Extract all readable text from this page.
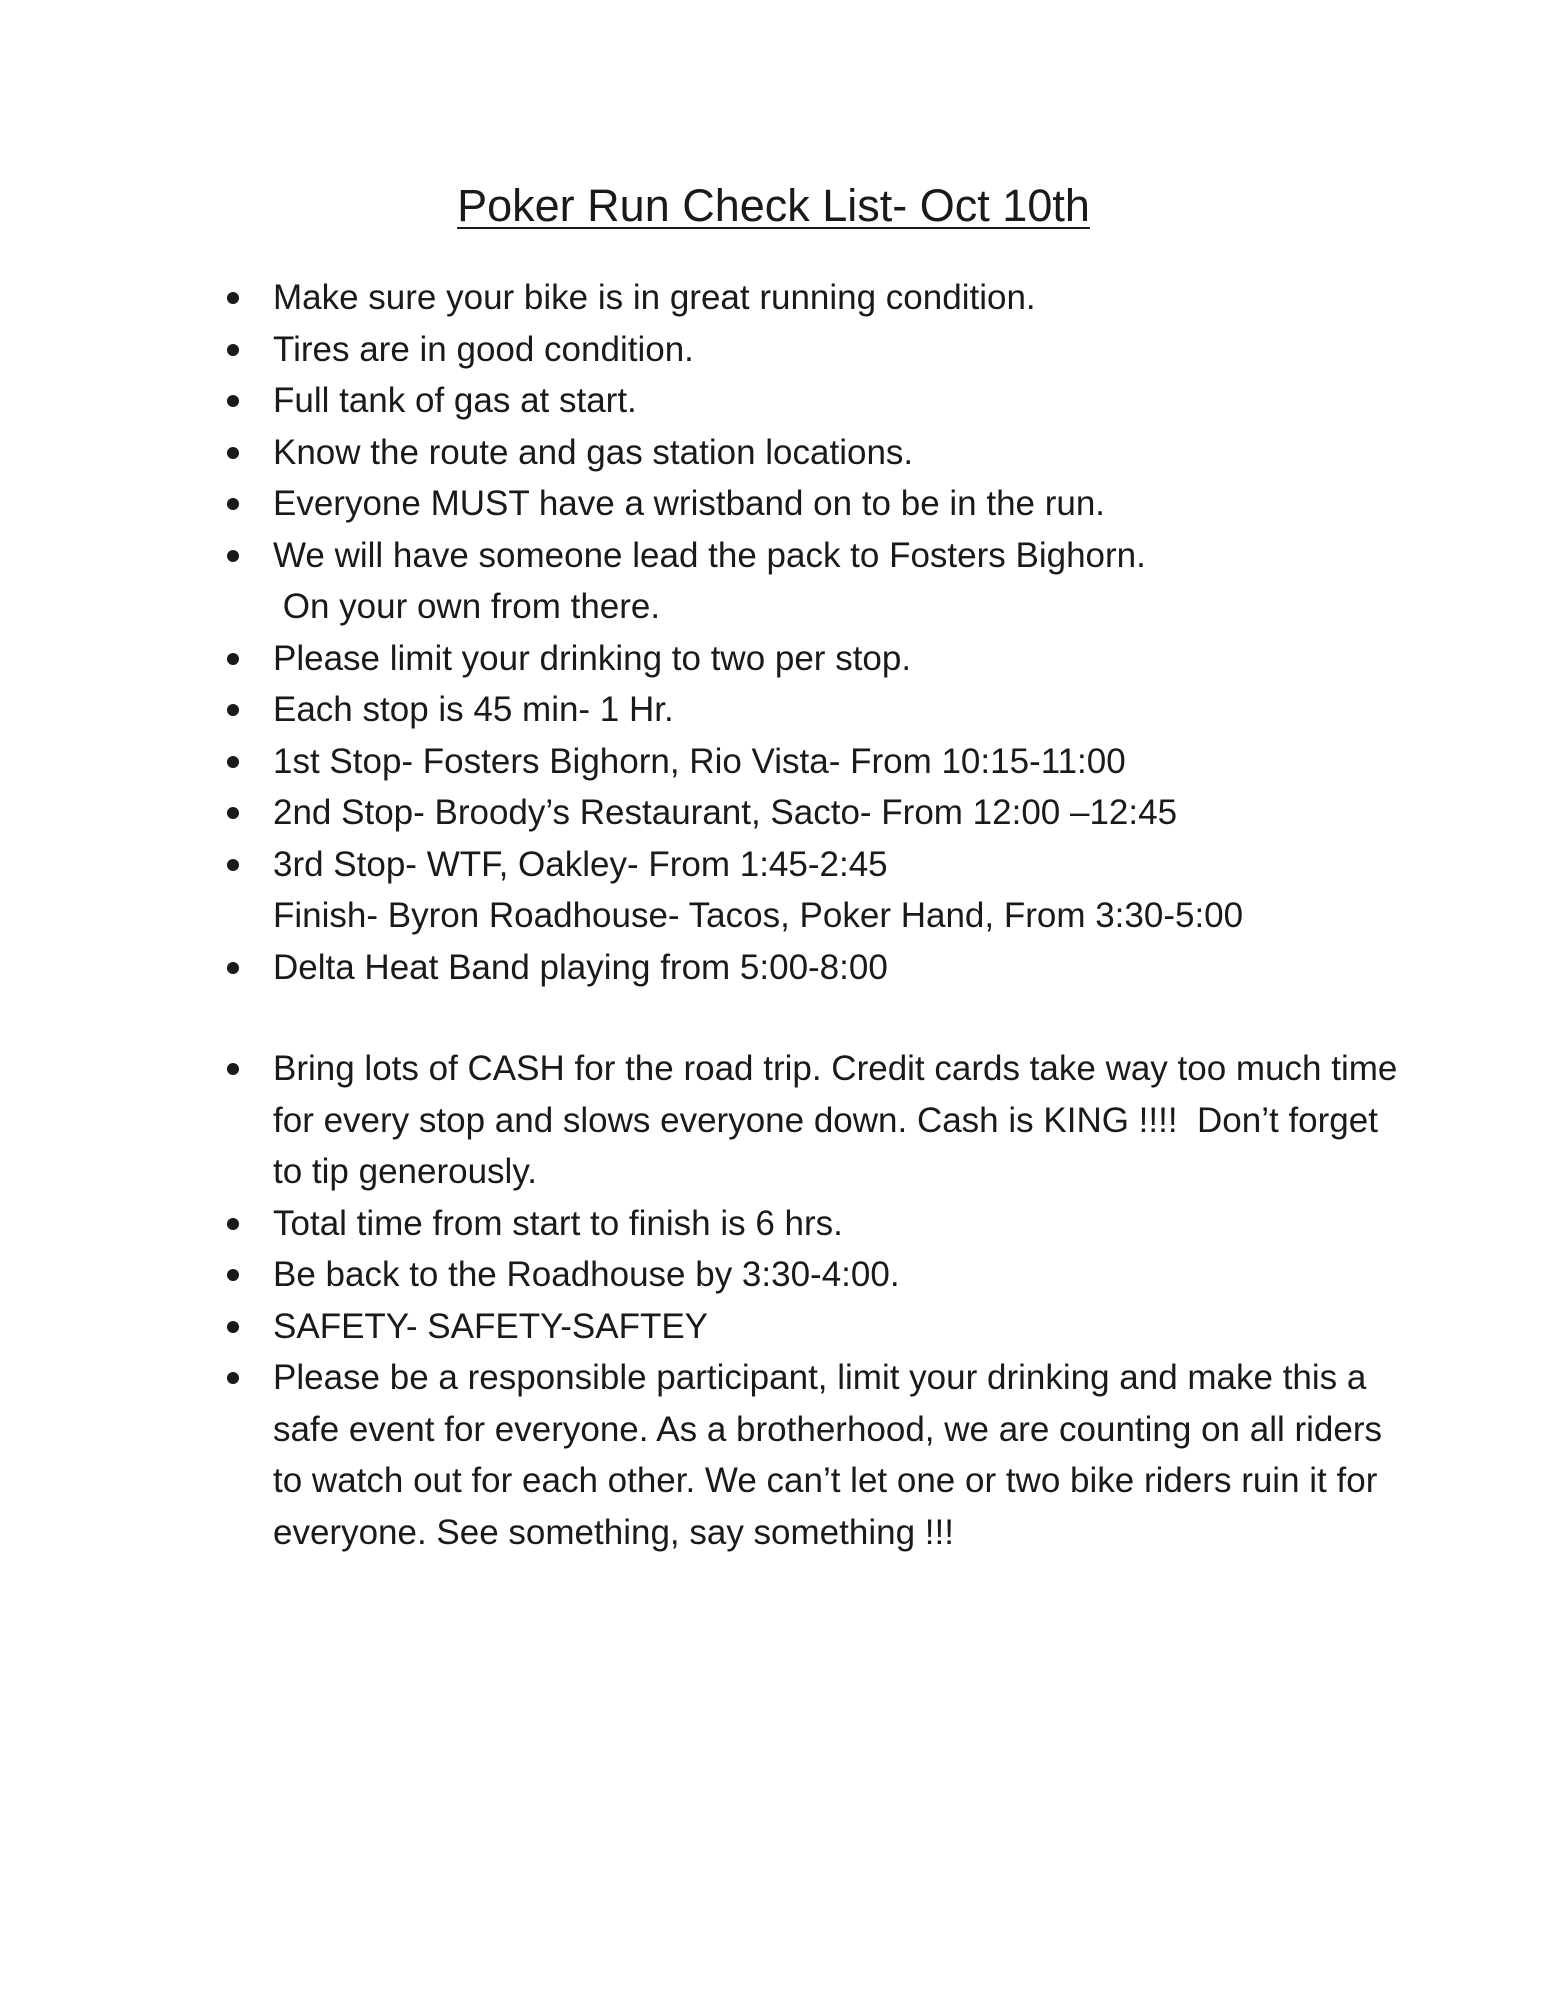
Poker Run Check List- Oct 10th
Make sure your bike is in great running condition.
Tires are in good condition.
Full tank of gas at start.
Know the route and gas station locations.
Everyone MUST have a wristband on to be in the run.
We will have someone lead the pack to Fosters Bighorn.
On your own from there.
Please limit your drinking to two per stop.
Each stop is 45 min- 1 Hr.
1st Stop- Fosters Bighorn, Rio Vista- From 10:15-11:00
2nd Stop- Broody’s Restaurant, Sacto- From 12:00 –12:45
3rd Stop- WTF, Oakley- From 1:45-2:45
Finish- Byron Roadhouse- Tacos, Poker Hand, From 3:30-5:00
Delta Heat Band playing from 5:00-8:00
Bring lots of CASH for the road trip. Credit cards take way too much time for every stop and slows everyone down. Cash is KING !!!!  Don’t forget to tip generously.
Total time from start to finish is 6 hrs.
Be back to the Roadhouse by 3:30-4:00.
SAFETY- SAFETY-SAFTEY
Please be a responsible participant, limit your drinking and make this a safe event for everyone. As a brotherhood, we are counting on all riders to watch out for each other. We can’t let one or two bike riders ruin it for everyone. See something, say something !!!
